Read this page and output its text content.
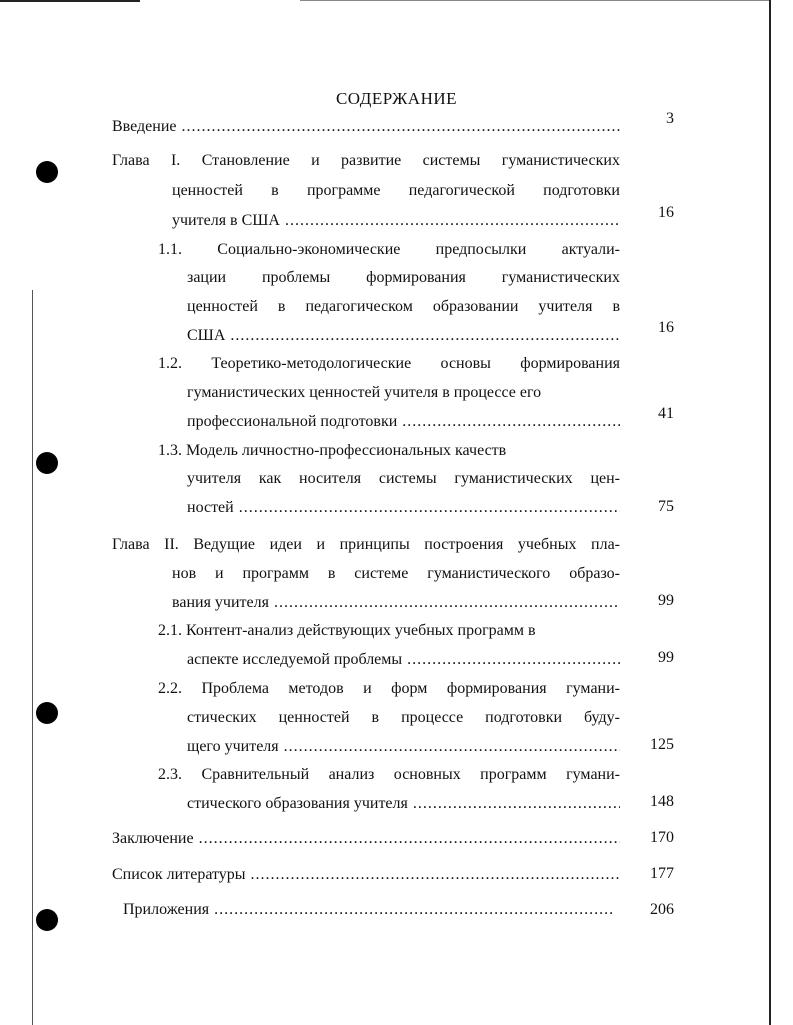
СОДЕРЖАНИЕ
Введение .....	3
Глава I. Становление и развитие системы гуманистических
ценностей в программе педагогической подготовки
учителя в США .....	16
1.1. Социально-экономические предпосылки актуали-
зации проблемы формирования гуманистических
ценностей в педагогическом образовании учителя в
США .....	16
1.2. Теоретико-методологические основы формирования
гуманистических ценностей учителя в процессе его
профессиональной подготовки .....	41
1.3. Модель личностно-профессиональных качеств
учителя как носителя системы гуманистических цен-
ностей .....	75
Глава II. Ведущие идеи и принципы построения учебных пла-
нов и программ в системе гуманистического образо-
вания учителя .....	99
2.1. Контент-анализ действующих учебных программ в
аспекте исследуемой проблемы .....	99
2.2. Проблема методов и форм формирования гумани-
стических ценностей в процессе подготовки буду-
щего учителя .....	125
2.3. Сравнительный анализ основных программ гумани-
стического образования учителя .....	148
Заключение .....	170
Список литературы .....	177
Приложения .....	206
